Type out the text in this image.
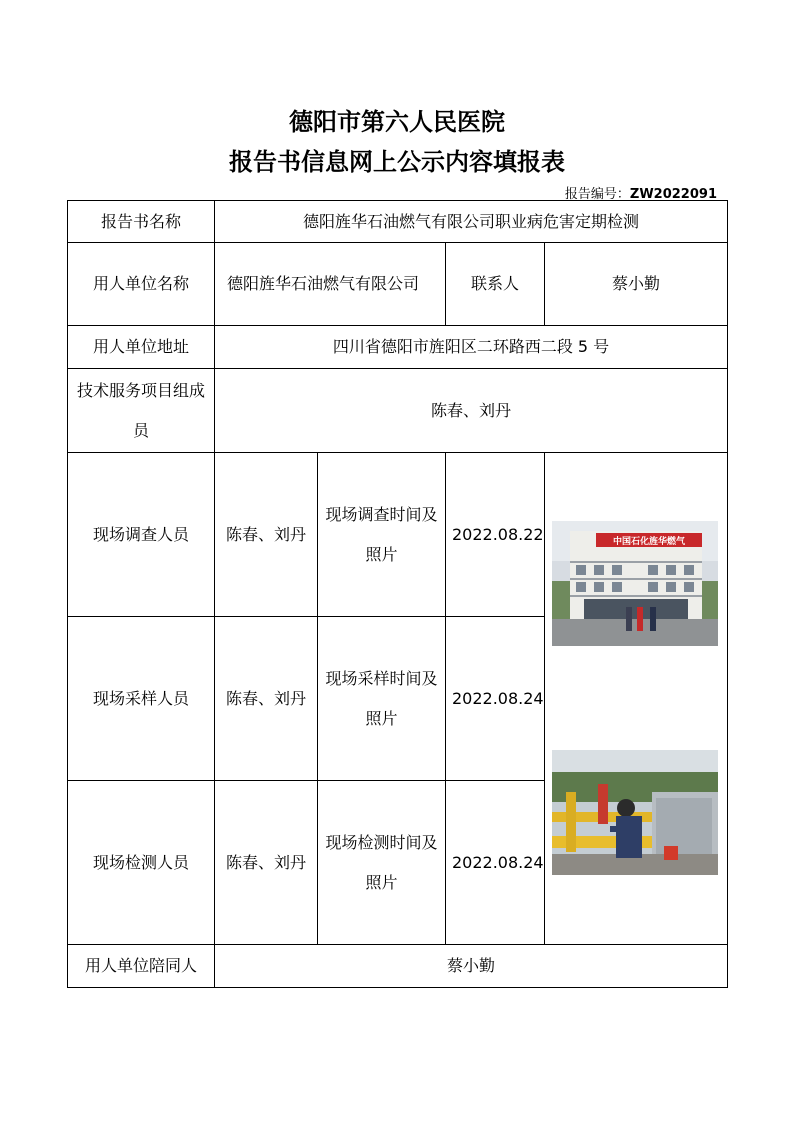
德阳市第六人民医院
报告书信息网上公示内容填报表
报告编号：ZW2022091
报告书名称	德阳旌华石油燃气有限公司职业病危害定期检测			
用人单位名称	德阳旌华石油燃气有限公司		联系人	蔡小勤
用人单位地址	四川省德阳市旌阳区二环路西二段 5 号			
技术服务项目组成员	陈春、刘丹			
现场调查人员	陈春、刘丹	现场调查时间及照片	2022.08.22	中国石化旌华燃气

现场采样人员	陈春、刘丹	现场采样时间及照片	2022.08.24	
现场检测人员	陈春、刘丹	现场检测时间及照片	2022.08.24	
用人单位陪同人	蔡小勤			
